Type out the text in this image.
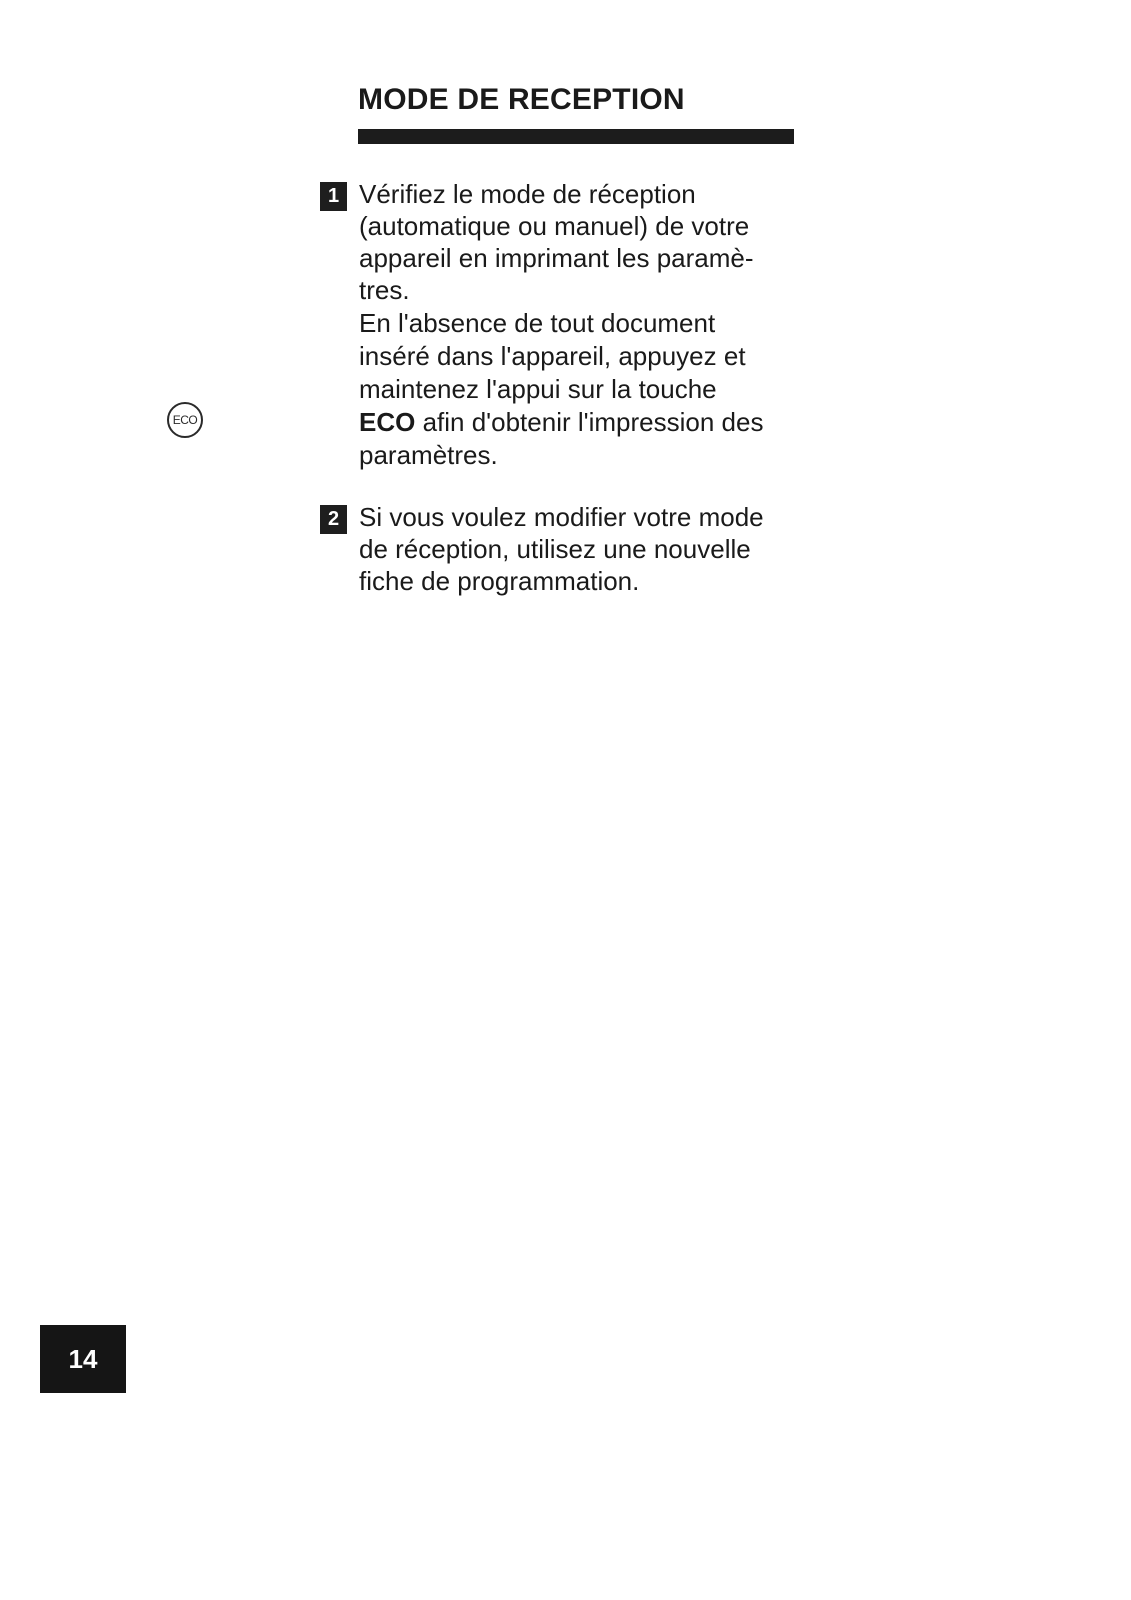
MODE DE RECEPTION
1 Vérifiez le mode de réception
(automatique ou manuel) de votre
appareil en imprimant les paramè-
tres.

En l'absence de tout document
inséré dans l'appareil, appuyez et
maintenez l'appui sur la touche
ECO afin d'obtenir l'impression des
paramètres.

ECO
2 Si vous voulez modifier votre mode
de réception, utilisez une nouvelle
fiche de programmation.

14
